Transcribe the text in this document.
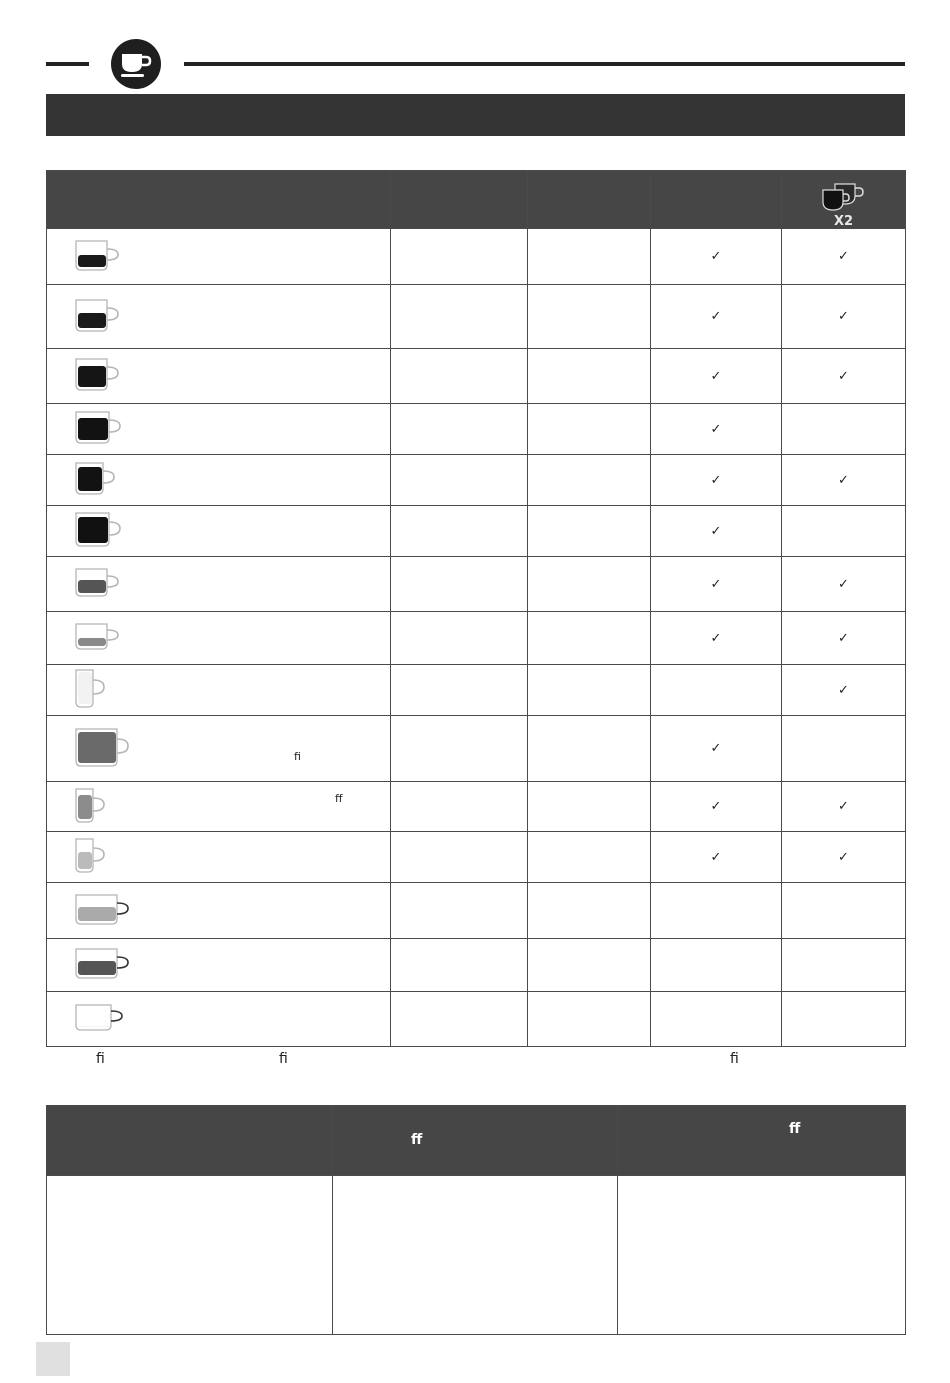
				X2

			✓	✓

			✓	✓

			✓	✓

			✓	

			✓	✓

			✓	

			✓	✓

			✓	✓

				✓

ﬁ			✓	

ﬀ			✓	✓

			✓	✓

ﬁ	ﬁ	ﬁ

	ﬀ	ﬀ
